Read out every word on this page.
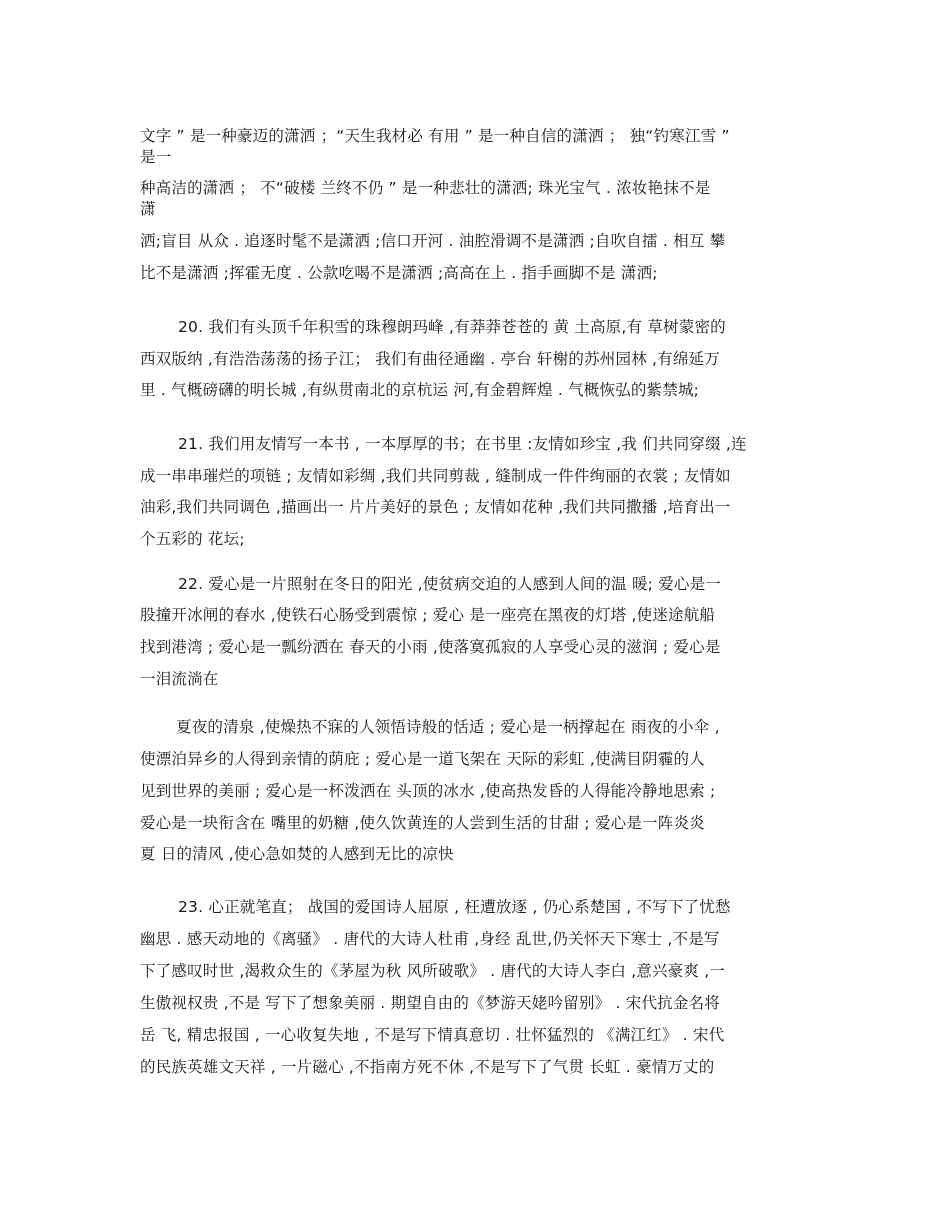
文字 ” 是一种豪迈的潇洒 ；“天生我材必 有用 ” 是一种自信的潇洒 ； 独“钓寒江雪 ”
是一
种高洁的潇洒 ； 不“破楼 兰终不仍 ” 是一种悲壮的潇洒; 珠光宝气 . 浓妆艳抹不是
潇
洒;盲目 从众 . 追逐时髦不是潇洒 ;信口开河 . 油腔滑调不是潇洒 ;自吹自擂 . 相互 攀
比不是潇洒 ;挥霍无度 . 公款吃喝不是潇洒 ;高高在上 . 指手画脚不是 潇洒;
20. 我们有头顶千年积雪的珠穆朗玛峰 ,有莽莽苍苍的 黄 土高原,有 草树蒙密的
西双版纳 ,有浩浩荡荡的扬子江； 我们有曲径通幽 . 亭台 轩榭的苏州园林 ,有绵延万
里 . 气概磅礴的明长城 ,有纵贯南北的京杭运 河,有金碧辉煌 . 气概恢弘的紫禁城;
21. 我们用友情写一本书 , 一本厚厚的书；在书里 :友情如珍宝 ,我 们共同穿缀 ,连
成一串串璀烂的项链 ; 友情如彩绸 ,我们共同剪裁 , 缝制成一件件绚丽的衣裳 ; 友情如
油彩,我们共同调色 ,描画出一 片片美好的景色 ; 友情如花种 ,我们共同撒播 ,培育出一
个五彩的 花坛;
22. 爱心是一片照射在冬日的阳光 ,使贫病交迫的人感到人间的温 暖; 爱心是一
股撞开冰闸的春水 ,使铁石心肠受到震惊 ; 爱心 是一座亮在黑夜的灯塔 ,使迷途航船
找到港湾 ; 爱心是一瓢纷洒在 春天的小雨 ,使落寞孤寂的人享受心灵的滋润 ; 爱心是
一泪流淌在
夏夜的清泉 ,使燥热不寐的人领悟诗般的恬适 ; 爱心是一柄撑起在 雨夜的小伞 ,
使漂泊异乡的人得到亲情的荫庇 ; 爱心是一道飞架在 天际的彩虹 ,使满目阴霾的人
见到世界的美丽 ; 爱心是一杯泼洒在 头顶的冰水 ,使高热发昏的人得能冷静地思索 ;
爱心是一块衔含在 嘴里的奶糖 ,使久饮黄连的人尝到生活的甘甜 ; 爱心是一阵炎炎
夏 日的清风 ,使心急如焚的人感到无比的凉快
23. 心正就笔直； 战国的爱国诗人屈原 , 枉遭放逐 , 仍心系楚国 , 不写下了忧愁
幽思 . 感天动地的《离骚》 . 唐代的大诗人杜甫 ,身经 乱世,仍关怀天下寒士 ,不是写
下了感叹时世 ,渴救众生的《茅屋为秋 风所破歌》 . 唐代的大诗人李白 ,意兴豪爽 ,一
生傲视权贵 ,不是 写下了想象美丽 . 期望自由的《梦游天姥吟留别》 . 宋代抗金名将
岳 飞, 精忠报国 , 一心收复失地 , 不是写下情真意切 . 壮怀猛烈的 《满江红》 . 宋代
的民族英雄文天祥 , 一片磁心 ,不指南方死不休 ,不是写下了气贯 长虹 . 豪情万丈的
